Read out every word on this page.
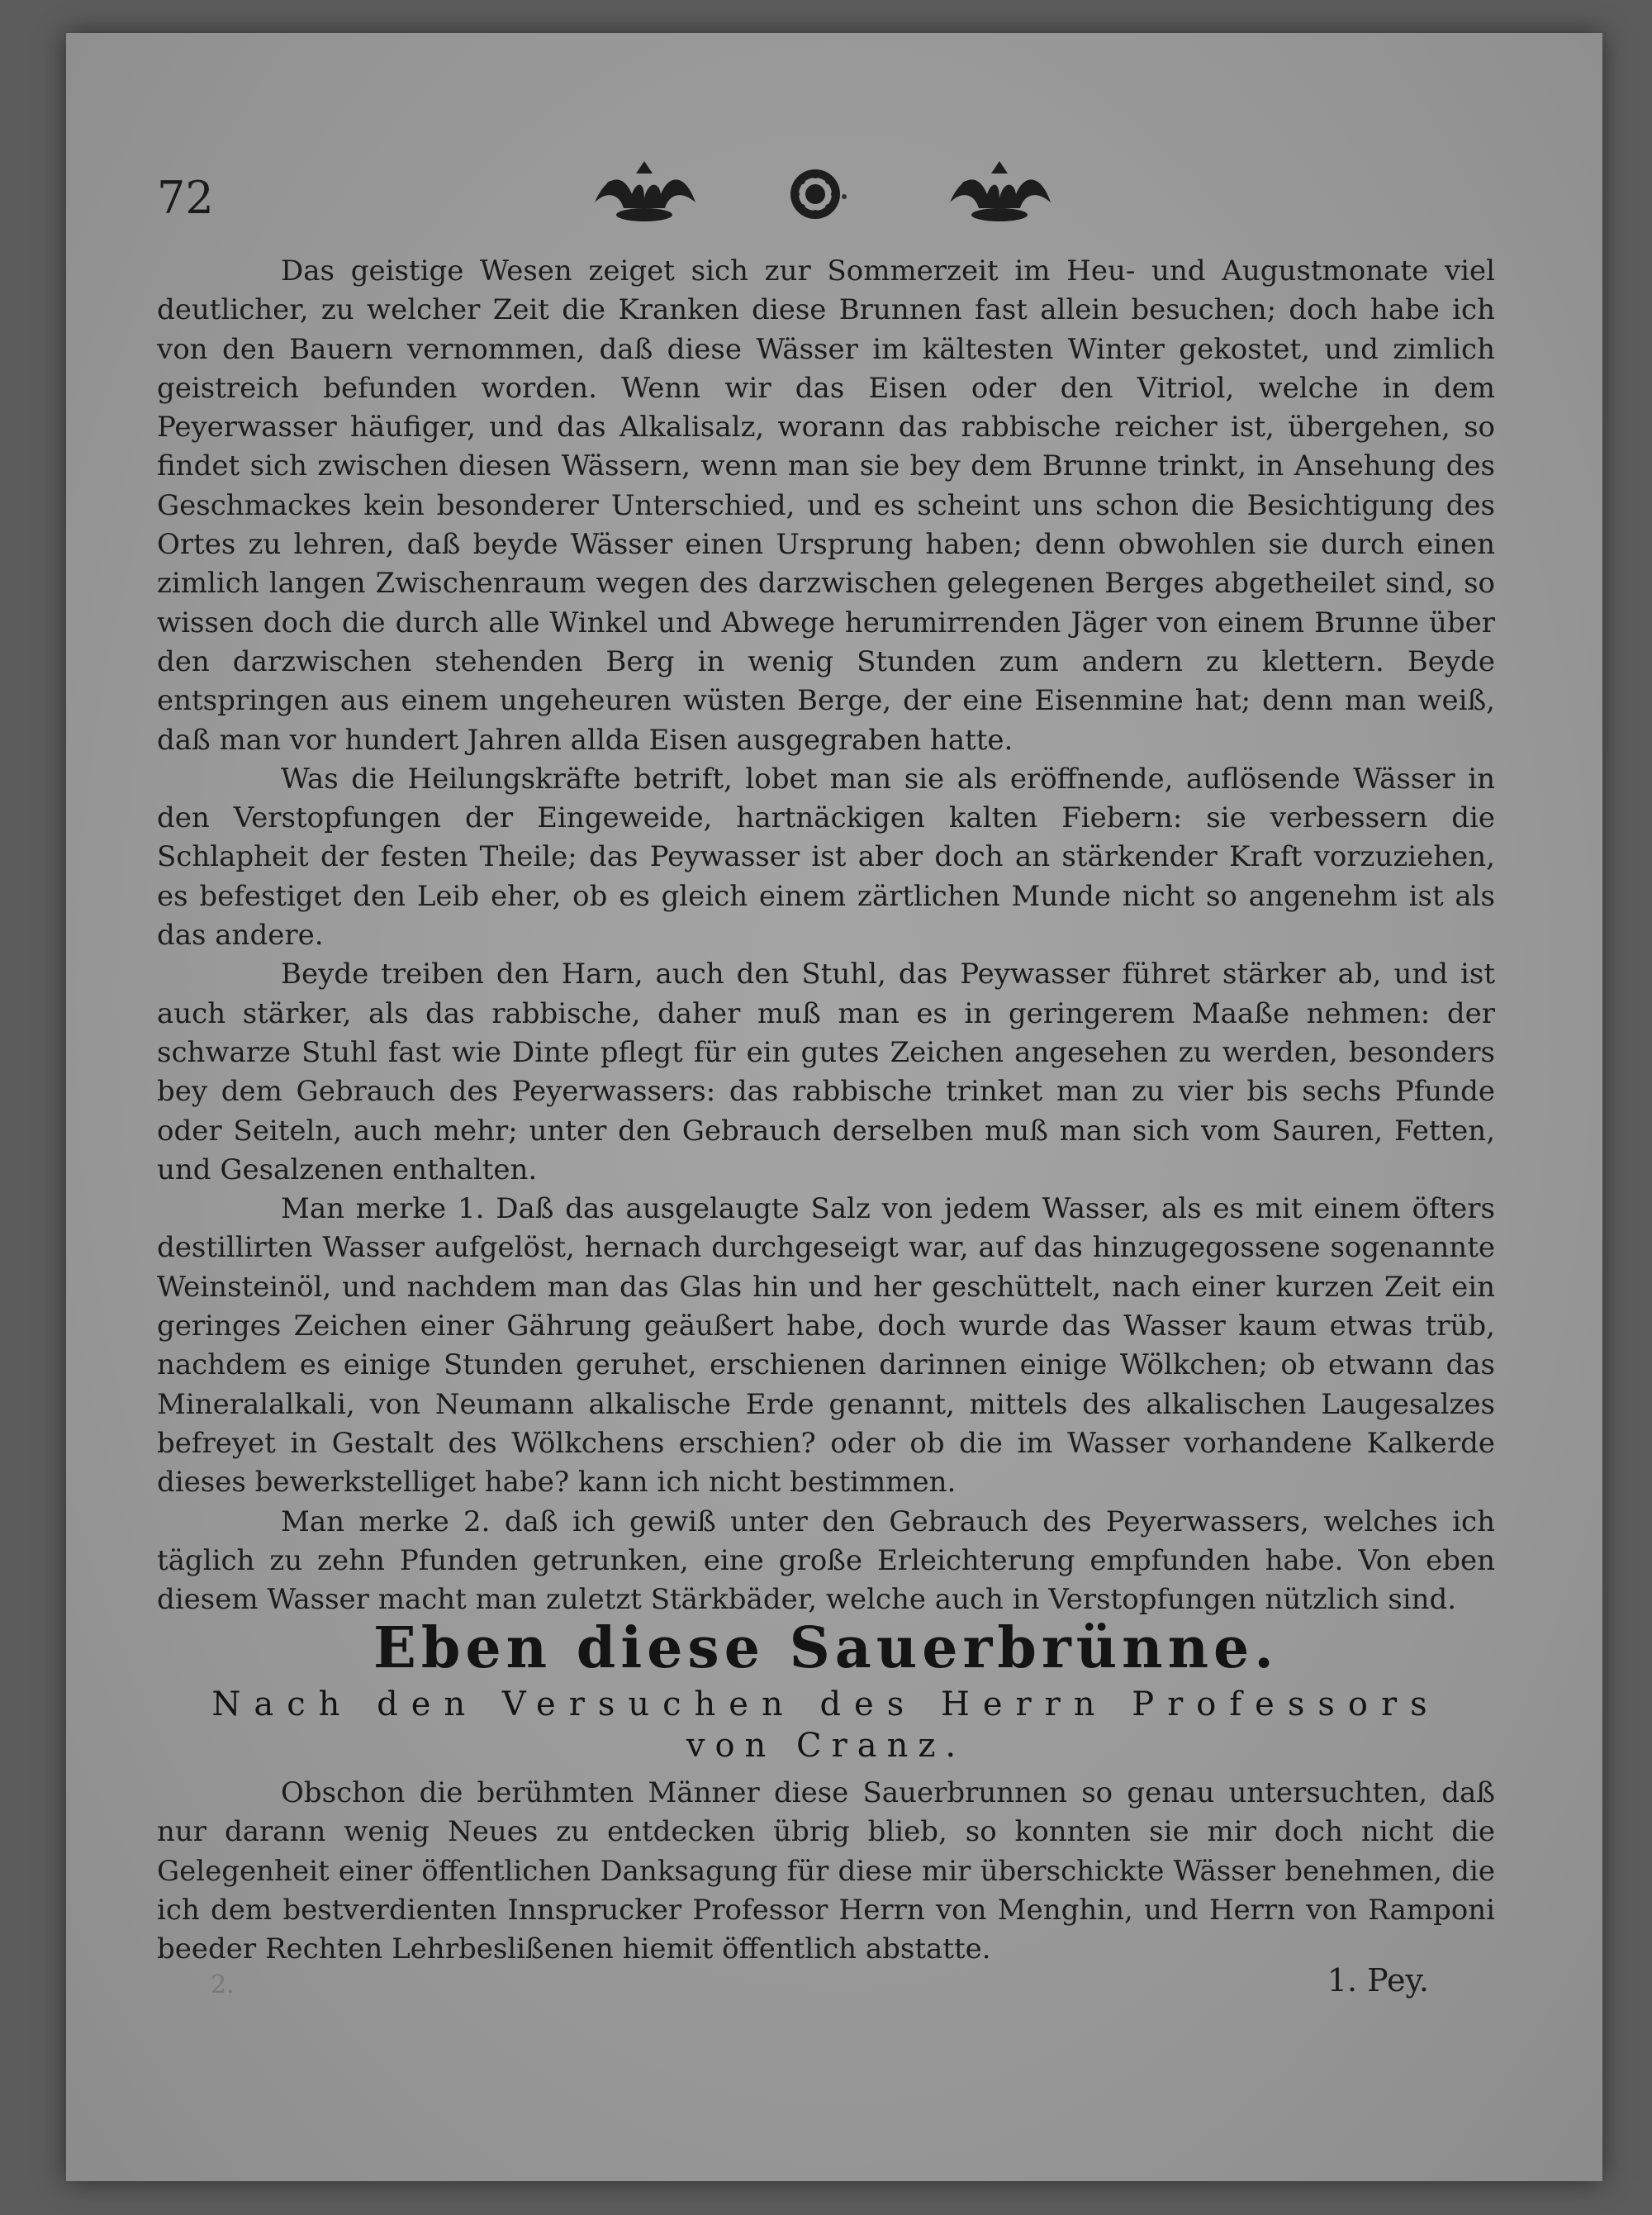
72

Das geistige Wesen zeiget sich zur Sommerzeit im Heu- und Augustmonate viel deutlicher, zu welcher Zeit die Kranken diese Brunnen fast allein besuchen; doch habe ich von den Bauern vernommen, daß diese Wässer im kältesten Winter gekostet, und zimlich geistreich befunden worden. Wenn wir das Eisen oder den Vitriol, welche in dem Peyerwasser häufiger, und das Alkalisalz, worann das rabbische reicher ist, übergehen, so findet sich zwischen diesen Wässern, wenn man sie bey dem Brunne trinkt, in Ansehung des Geschmackes kein besonderer Unterschied, und es scheint uns schon die Besichtigung des Ortes zu lehren, daß beyde Wässer einen Ursprung haben; denn obwohlen sie durch einen zimlich langen Zwischenraum wegen des darzwischen gelegenen Berges abgetheilet sind, so wissen doch die durch alle Winkel und Abwege herumirrenden Jäger von einem Brunne über den darzwischen stehenden Berg in wenig Stunden zum andern zu klettern. Beyde entspringen aus einem ungeheuren wüsten Berge, der eine Eisenmine hat; denn man weiß, daß man vor hundert Jahren allda Eisen ausgegraben hatte.

Was die Heilungskräfte betrift, lobet man sie als eröffnende, auflösende Wässer in den Verstopfungen der Eingeweide, hartnäckigen kalten Fiebern: sie verbessern die Schlapheit der festen Theile; das Peywasser ist aber doch an stärkender Kraft vorzuziehen, es befestiget den Leib eher, ob es gleich einem zärtlichen Munde nicht so angenehm ist als das andere.

Beyde treiben den Harn, auch den Stuhl, das Peywasser führet stärker ab, und ist auch stärker, als das rabbische, daher muß man es in geringerem Maaße nehmen: der schwarze Stuhl fast wie Dinte pflegt für ein gutes Zeichen angesehen zu werden, besonders bey dem Gebrauch des Peyerwassers: das rabbische trinket man zu vier bis sechs Pfunde oder Seiteln, auch mehr; unter den Gebrauch derselben muß man sich vom Sauren, Fetten, und Gesalzenen enthalten.

Man merke 1. Daß das ausgelaugte Salz von jedem Wasser, als es mit einem öfters destillirten Wasser aufgelöst, hernach durchgeseigt war, auf das hinzugegossene sogenannte Weinsteinöl, und nachdem man das Glas hin und her geschüttelt, nach einer kurzen Zeit ein geringes Zeichen einer Gährung geäußert habe, doch wurde das Wasser kaum etwas trüb, nachdem es einige Stunden geruhet, erschienen darinnen einige Wölkchen; ob etwann das Mineralalkali, von Neumann alkalische Erde genannt, mittels des alkalischen Laugesalzes befreyet in Gestalt des Wölkchens erschien? oder ob die im Wasser vorhandene Kalkerde dieses bewerkstelliget habe? kann ich nicht bestimmen.

Man merke 2. daß ich gewiß unter den Gebrauch des Peyerwassers, welches ich täglich zu zehn Pfunden getrunken, eine große Erleichterung empfunden habe. Von eben diesem Wasser macht man zuletzt Stärkbäder, welche auch in Verstopfungen nützlich sind.

Eben diese Sauerbrünne.
Nach den Versuchen des Herrn Professors
von Cranz.

Obschon die berühmten Männer diese Sauerbrunnen so genau untersuchten, daß nur darann wenig Neues zu entdecken übrig blieb, so konnten sie mir doch nicht die Gelegenheit einer öffentlichen Danksagung für diese mir überschickte Wässer benehmen, die ich dem bestverdienten Innsprucker Professor Herrn von Menghin, und Herrn von Ramponi beeder Rechten Lehrbeslißenen hiemit öffentlich abstatte.

2.	1. Pey.
